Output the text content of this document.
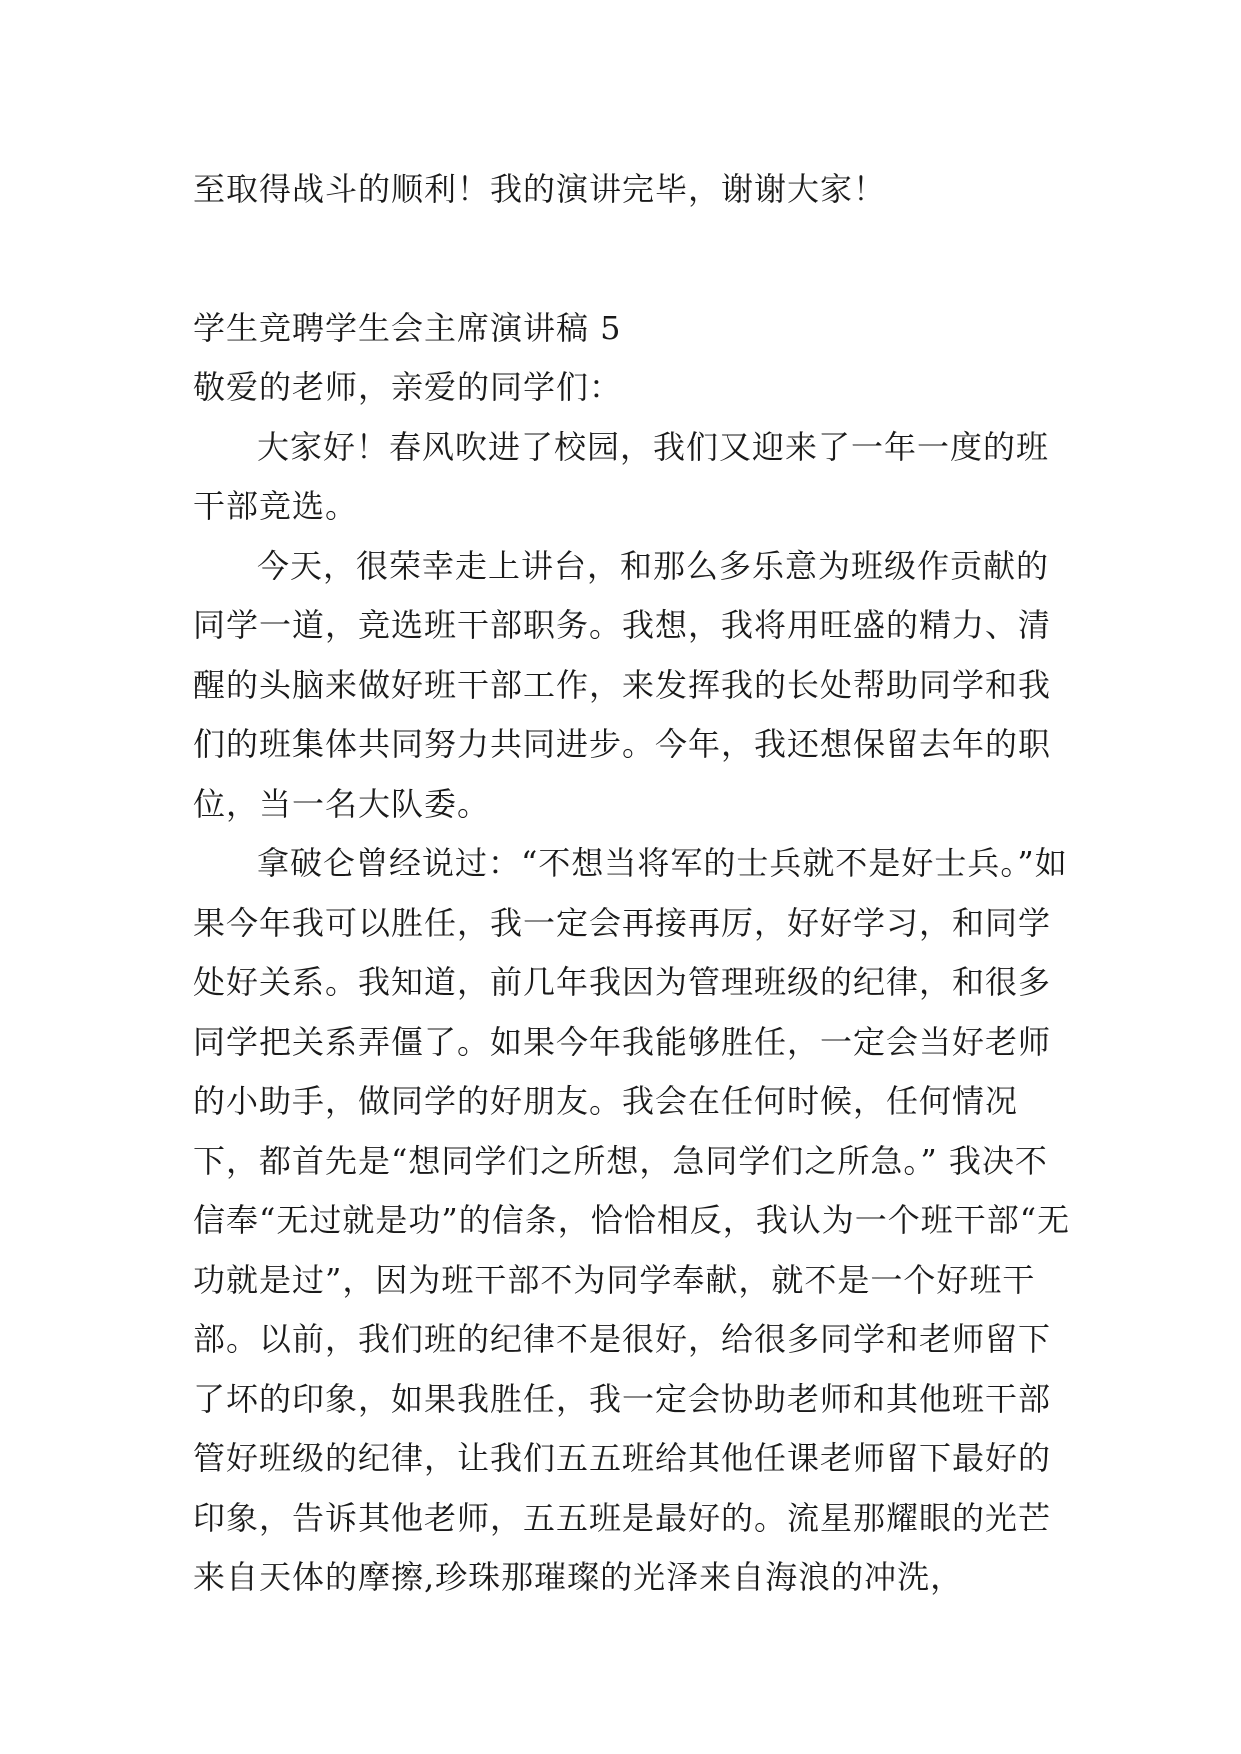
至取得战斗的顺利！我的演讲完毕，谢谢大家！

学生竞聘学生会主席演讲稿 5

敬爱的老师，亲爱的同学们：

大家好！春风吹进了校园，我们又迎来了一年一度的班干部竞选。

今天，很荣幸走上讲台，和那么多乐意为班级作贡献的同学一道，竞选班干部职务。我想，我将用旺盛的精力、清醒的头脑来做好班干部工作，来发挥我的长处帮助同学和我们的班集体共同努力共同进步。今年，我还想保留去年的职位，当一名大队委。

拿破仑曾经说过：“不想当将军的士兵就不是好士兵。”如果今年我可以胜任，我一定会再接再厉，好好学习，和同学处好关系。我知道，前几年我因为管理班级的纪律，和很多同学把关系弄僵了。如果今年我能够胜任，一定会当好老师的小助手，做同学的好朋友。我会在任何时候，任何情况下，都首先是“想同学们之所想，急同学们之所急。” 我决不信奉“无过就是功”的信条，恰恰相反，我认为一个班干部“无功就是过”，因为班干部不为同学奉献，就不是一个好班干部。以前，我们班的纪律不是很好，给很多同学和老师留下了坏的印象，如果我胜任，我一定会协助老师和其他班干部管好班级的纪律，让我们五五班给其他任课老师留下最好的印象，告诉其他老师，五五班是最好的。流星那耀眼的光芒来自天体的摩擦,珍珠那璀璨的光泽来自海浪的冲洗，
